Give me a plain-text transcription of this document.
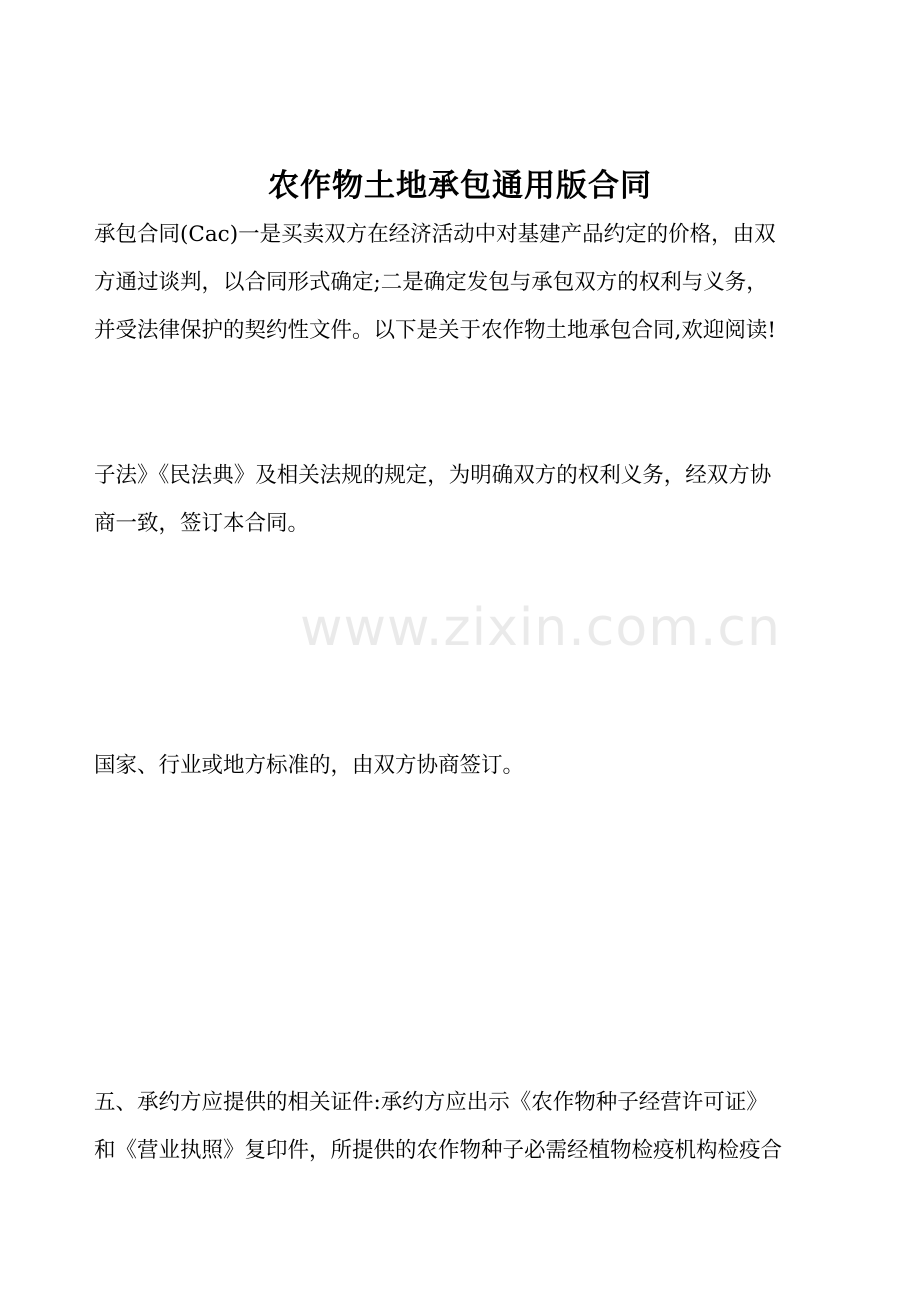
农作物土地承包通用版合同
www.zixin.com.cn
承包合同(Cac)一是买卖双方在经济活动中对基建产品约定的价格，由双
方通过谈判，以合同形式确定;二是确定发包与承包双方的权利与义务，
并受法律保护的契约性文件。以下是关于农作物土地承包合同,欢迎阅读!
子法》《民法典》及相关法规的规定，为明确双方的权利义务，经双方协
商一致，签订本合同。
国家、行业或地方标准的，由双方协商签订。
五、承约方应提供的相关证件:承约方应出示《农作物种子经营许可证》
和《营业执照》复印件，所提供的农作物种子必需经植物检疫机构检疫合
